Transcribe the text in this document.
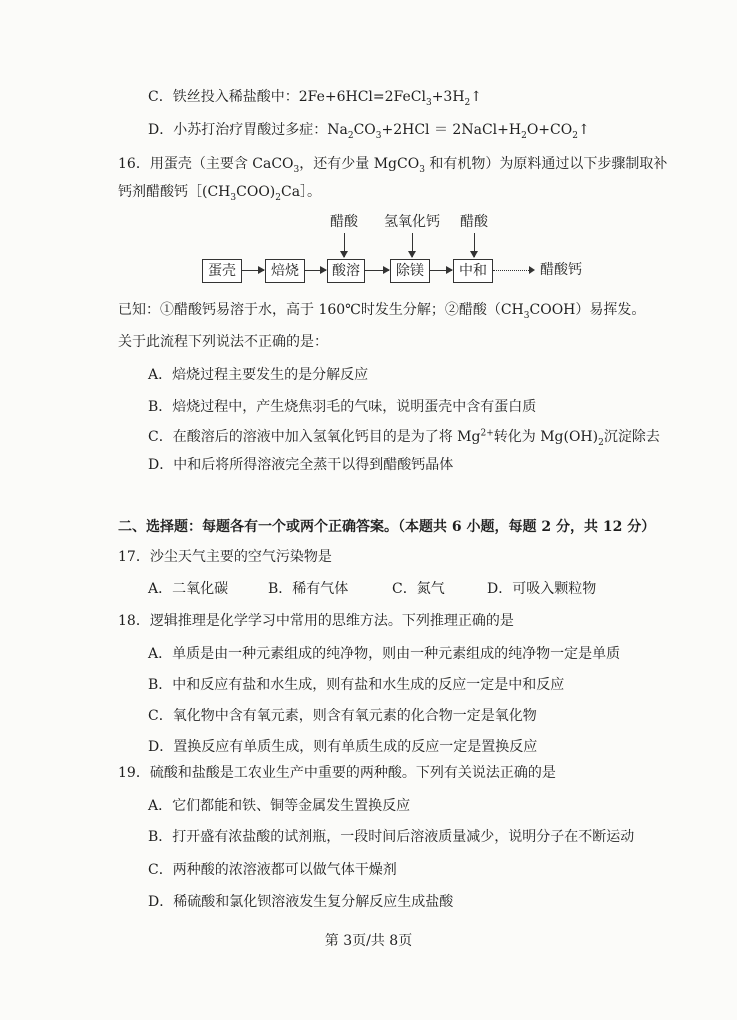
C．铁丝投入稀盐酸中：$2Fe+6HCl=2FeCl_3+3H_2↑$
D．小苏打治疗胃酸过多症：$Na_2CO_3+2HCl$ ＝ $2NaCl+H_2O+CO_2↑$
16．用蛋壳（主要含 CaCO$_3$，还有少量 MgCO$_3$ 和有机物）为原料通过以下步骤制取补
钙剂醋酸钙$[(CH_3COO)_2Ca]$。
醋酸	氢氧化钙	醋酸
蛋壳	焙烧	酸溶	除镁	中和	醋酸钙
已知：①醋酸钙易溶于水，高于 160℃时发生分解；②醋酸$(CH_3COOH)$易挥发。
关于此流程下列说法不正确的是：
A．焙烧过程主要发生的是分解反应
B．焙烧过程中，产生烧焦羽毛的气味，说明蛋壳中含有蛋白质
C．在酸溶后的溶液中加入氢氧化钙目的是为了将 $Mg^{2+}$转化为 $Mg(OH)_2$沉淀除去
D．中和后将所得溶液完全蒸干以得到醋酸钙晶体
二、选择题：每题各有一个或两个正确答案。（本题共 6 小题，每题 2 分，共 12 分）
17．沙尘天气主要的空气污染物是
A．二氧化碳	B．稀有气体	C．氮气	D．可吸入颗粒物
18．逻辑推理是化学学习中常用的思维方法。下列推理正确的是
A．单质是由一种元素组成的纯净物，则由一种元素组成的纯净物一定是单质
B．中和反应有盐和水生成，则有盐和水生成的反应一定是中和反应
C．氧化物中含有氧元素，则含有氧元素的化合物一定是氧化物
D．置换反应有单质生成，则有单质生成的反应一定是置换反应
19．硫酸和盐酸是工农业生产中重要的两种酸。下列有关说法正确的是
A．它们都能和铁、铜等金属发生置换反应
B．打开盛有浓盐酸的试剂瓶，一段时间后溶液质量减少，说明分子在不断运动
C．两种酸的浓溶液都可以做气体干燥剂
D．稀硫酸和氯化钡溶液发生复分解反应生成盐酸
第 3页/共 8页
